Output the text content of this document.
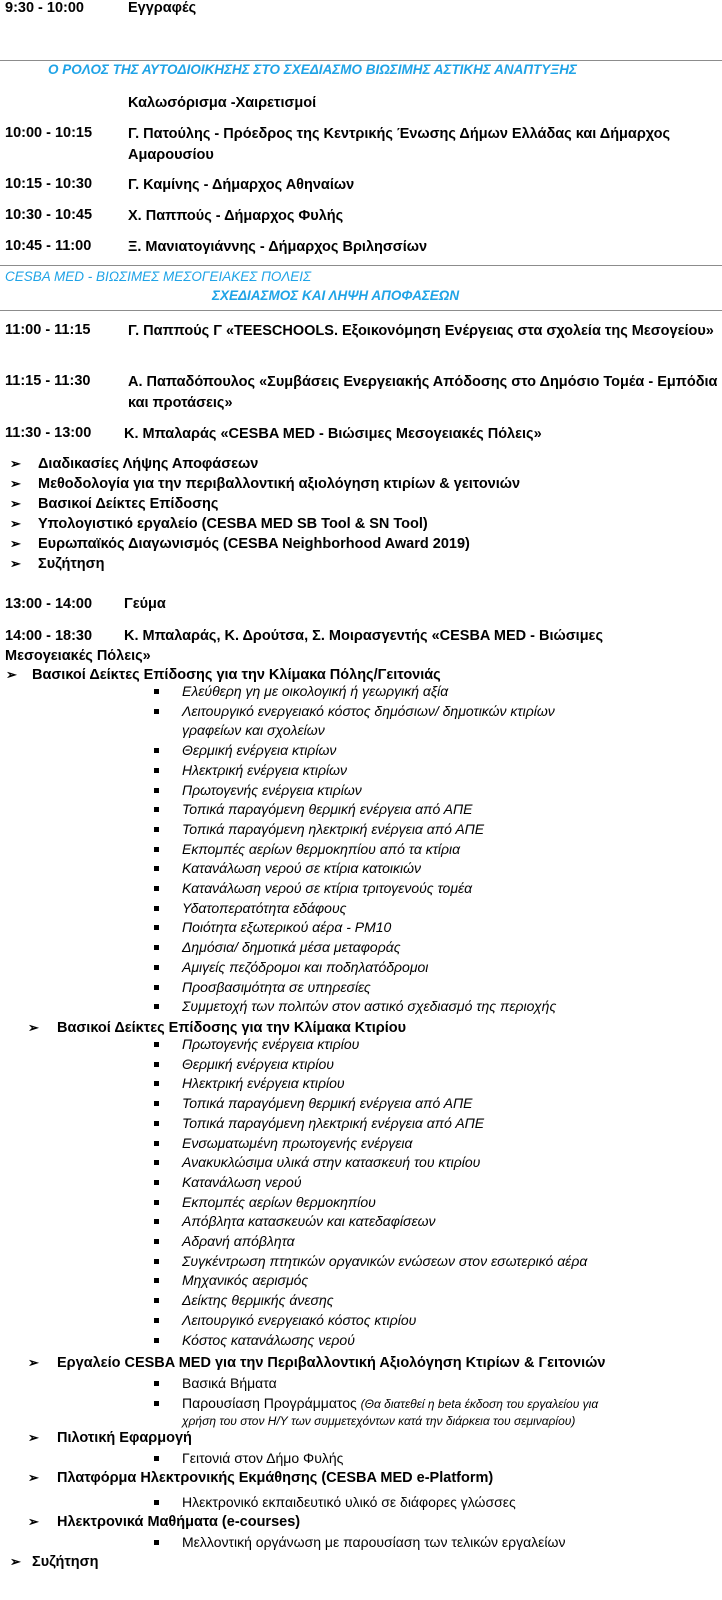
9:30 - 10:00	Εγγραφές
Ο ΡΟΛΟΣ ΤΗΣ ΑΥΤΟΔΙΟΙΚΗΣΗΣ ΣΤΟ ΣΧΕΔΙΑΣΜΟ ΒΙΩΣΙΜΗΣ ΑΣΤΙΚΗΣ ΑΝΑΠΤΥΞΗΣ
Καλωσόρισμα -Χαιρετισμοί
10:00 - 10:15 Γ. Πατούλης - Πρόεδρος της Κεντρικής Ένωσης Δήμων Ελλάδας και Δήμαρχος Αμαρουσίου
10:15 - 10:30 Γ. Καμίνης - Δήμαρχος Αθηναίων
10:30 - 10:45 Χ. Παππούς - Δήμαρχος Φυλής
10:45 - 11:00	Ξ. Μανιατογιάννης - Δήμαρχος Βριλησσίων
CESBA MED - ΒΙΩΣΙΜΕΣ ΜΕΣΟΓΕΙΑΚΕΣ ΠΟΛΕΙΣ
ΣΧΕΔΙΑΣΜΟΣ ΚΑΙ ΛΗΨΗ ΑΠΟΦΑΣΕΩΝ
11:00 - 11:15	Γ. Παππούς Γ «TEESCHOOLS. Εξοικονόμηση Ενέργειας στα σχολεία της Μεσογείου»
11:15 - 11:30	Α. Παπαδόπουλος «Συμβάσεις Ενεργειακής Απόδοσης στο Δημόσιο Τομέα - Εμπόδια και προτάσεις»
11:30 - 13:00 Κ. Μπαλαράς «CESBA MED - Βιώσιμες Μεσογειακές Πόλεις»
➢ Διαδικασίες Λήψης Αποφάσεων
➢ Μεθοδολογία για την περιβαλλοντική αξιολόγηση κτιρίων & γειτονιών
➢ Βασικοί Δείκτες Επίδοσης
➢ Υπολογιστικό εργαλείο (CESBA MED SB Tool & SN Tool)
➢ Ευρωπαϊκός Διαγωνισμός (CESBA Neighborhood Award 2019)
➢ Συζήτηση
13:00 - 14:00 Γεύμα
14:00 - 18:30 Κ. Μπαλαράς, Κ. Δρούτσα, Σ. Μοιρασγεντής «CESBA MED - Βιώσιμες
Μεσογειακές Πόλεις»
➢ Βασικοί Δείκτες Επίδοσης για την Κλίμακα Πόλης/Γειτονιάς
Ελεύθερη γη με οικολογική ή γεωργική αξία
Λειτουργικό ενεργειακό κόστος δημόσιων/ δημοτικών κτιρίων
γραφείων και σχολείων
Θερμική ενέργεια κτιρίων
Ηλεκτρική ενέργεια κτιρίων
Πρωτογενής ενέργεια κτιρίων
Τοπικά παραγόμενη θερμική ενέργεια από ΑΠΕ
Τοπικά παραγόμενη ηλεκτρική ενέργεια από ΑΠΕ
Εκπομπές αερίων θερμοκηπίου από τα κτίρια
Κατανάλωση νερού σε κτίρια κατοικιών
Κατανάλωση νερού σε κτίρια τριτογενούς τομέα
Υδατοπερατότητα εδάφους
Ποιότητα εξωτερικού αέρα - PM10
Δημόσια/ δημοτικά μέσα μεταφοράς
Αμιγείς πεζόδρομοι και ποδηλατόδρομοι
Προσβασιμότητα σε υπηρεσίες
Συμμετοχή των πολιτών στον αστικό σχεδιασμό της περιοχής
➢ Βασικοί Δείκτες Επίδοσης για την Κλίμακα Κτιρίου
Πρωτογενής ενέργεια κτιρίου
Θερμική ενέργεια κτιρίου
Ηλεκτρική ενέργεια κτιρίου
Τοπικά παραγόμενη θερμική ενέργεια από ΑΠΕ
Τοπικά παραγόμενη ηλεκτρική ενέργεια από ΑΠΕ
Ενσωματωμένη πρωτογενής ενέργεια
Ανακυκλώσιμα υλικά στην κατασκευή του κτιρίου
Κατανάλωση νερού
Εκπομπές αερίων θερμοκηπίου
Απόβλητα κατασκευών και κατεδαφίσεων
Αδρανή απόβλητα
Συγκέντρωση πτητικών οργανικών ενώσεων στον εσωτερικό αέρα
Μηχανικός αερισμός
Δείκτης θερμικής άνεσης
Λειτουργικό ενεργειακό κόστος κτιρίου
Κόστος κατανάλωσης νερού
➢ Εργαλείο CESBA MED για την Περιβαλλοντική Αξιολόγηση Κτιρίων & Γειτονιών
Βασικά Βήματα
Παρουσίαση Προγράμματος (Θα διατεθεί η beta έκδοση του εργαλείου για
χρήση του στον Η/Υ των συμμετεχόντων κατά την διάρκεια του σεμιναρίου)
➢ Πιλοτική Εφαρμογή
Γειτονιά στον Δήμο Φυλής
➢ Πλατφόρμα Ηλεκτρονικής Εκμάθησης (CESBA MED e-Platform)
Ηλεκτρονικό εκπαιδευτικό υλικό σε διάφορες γλώσσες
➢ Ηλεκτρονικά Μαθήματα (e-courses)
Μελλοντική οργάνωση με παρουσίαση των τελικών εργαλείων
➢ Συζήτηση
